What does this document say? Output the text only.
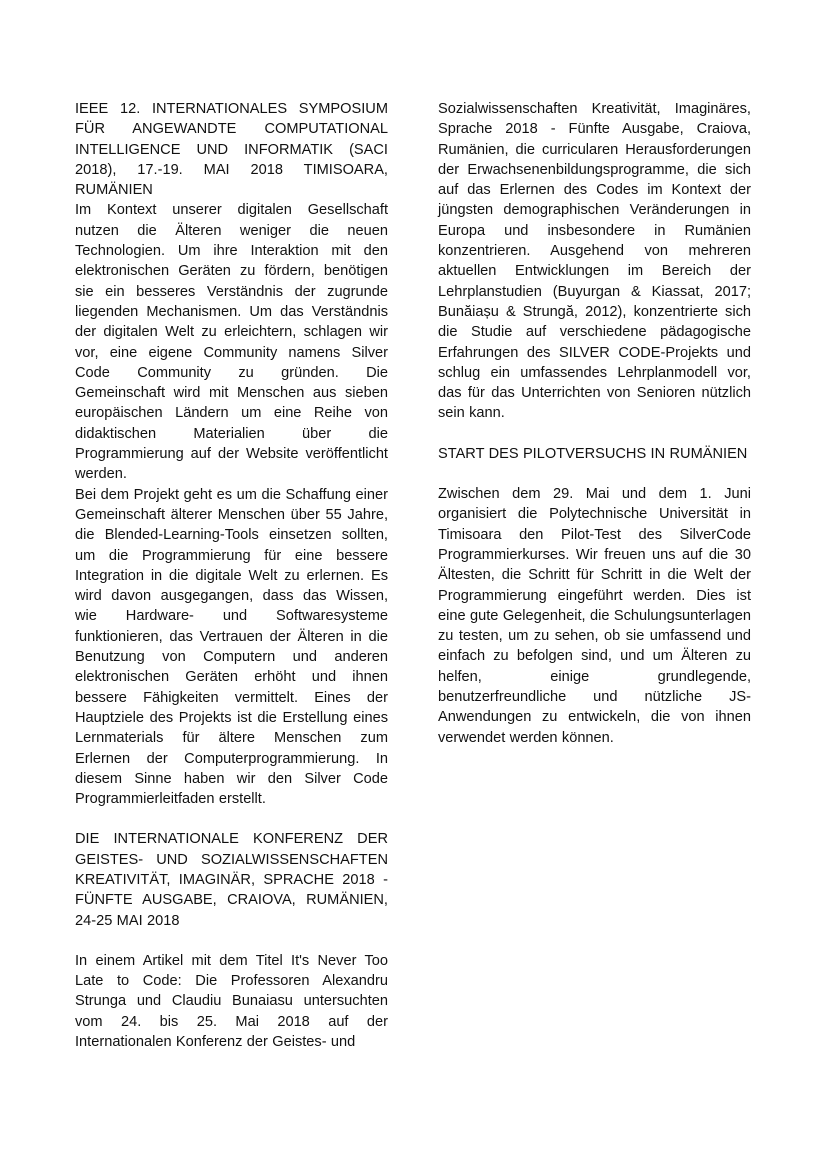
IEEE 12. INTERNATIONALES SYMPOSIUM FÜR ANGEWANDTE COMPUTATIONAL INTELLIGENCE UND INFORMATIK (SACI 2018), 17.-19. MAI 2018 TIMISOARA, RUMÄNIEN

Im Kontext unserer digitalen Gesellschaft nutzen die Älteren weniger die neuen Technologien. Um ihre Interaktion mit den elektronischen Geräten zu fördern, benötigen sie ein besseres Verständnis der zugrunde liegenden Mechanismen. Um das Verständnis der digitalen Welt zu erleichtern, schlagen wir vor, eine eigene Community namens Silver Code Community zu gründen. Die Gemeinschaft wird mit Menschen aus sieben europäischen Ländern um eine Reihe von didaktischen Materialien über die Programmierung auf der Website veröffentlicht werden.

Bei dem Projekt geht es um die Schaffung einer Gemeinschaft älterer Menschen über 55 Jahre, die Blended-Learning-Tools einsetzen sollten, um die Programmierung für eine bessere Integration in die digitale Welt zu erlernen. Es wird davon ausgegangen, dass das Wissen, wie Hardware- und Softwaresysteme funktionieren, das Vertrauen der Älteren in die Benutzung von Computern und anderen elektronischen Geräten erhöht und ihnen bessere Fähigkeiten vermittelt. Eines der Hauptziele des Projekts ist die Erstellung eines Lernmaterials für ältere Menschen zum Erlernen der Computerprogrammierung. In diesem Sinne haben wir den Silver Code Programmierleitfaden erstellt.

DIE INTERNATIONALE KONFERENZ DER GEISTES- UND SOZIALWISSENSCHAFTEN KREATIVITÄT, IMAGINÄR, SPRACHE 2018 - FÜNFTE AUSGABE, CRAIOVA, RUMÄNIEN, 24-25 MAI 2018

In einem Artikel mit dem Titel It's Never Too Late to Code: Die Professoren Alexandru Strunga und Claudiu Bunaiasu untersuchten vom 24. bis 25. Mai 2018 auf der Internationalen Konferenz der Geistes- und

Sozialwissenschaften Kreativität, Imaginäres, Sprache 2018 - Fünfte Ausgabe, Craiova, Rumänien, die curricularen Herausforderungen der Erwachsenenbildungsprogramme, die sich auf das Erlernen des Codes im Kontext der jüngsten demographischen Veränderungen in Europa und insbesondere in Rumänien konzentrieren. Ausgehend von mehreren aktuellen Entwicklungen im Bereich der Lehrplanstudien (Buyurgan & Kiassat, 2017; Bunăiașu & Strungă, 2012), konzentrierte sich die Studie auf verschiedene pädagogische Erfahrungen des SILVER CODE-Projekts und schlug ein umfassendes Lehrplanmodell vor, das für das Unterrichten von Senioren nützlich sein kann.

START DES PILOTVERSUCHS IN RUMÄNIEN

Zwischen dem 29. Mai und dem 1. Juni organisiert die Polytechnische Universität in Timisoara den Pilot-Test des SilverCode Programmierkurses. Wir freuen uns auf die 30 Ältesten, die Schritt für Schritt in die Welt der Programmierung eingeführt werden. Dies ist eine gute Gelegenheit, die Schulungsunterlagen zu testen, um zu sehen, ob sie umfassend und einfach zu befolgen sind, und um Älteren zu helfen, einige grundlegende, benutzerfreundliche und nützliche JS-Anwendungen zu entwickeln, die von ihnen verwendet werden können.
